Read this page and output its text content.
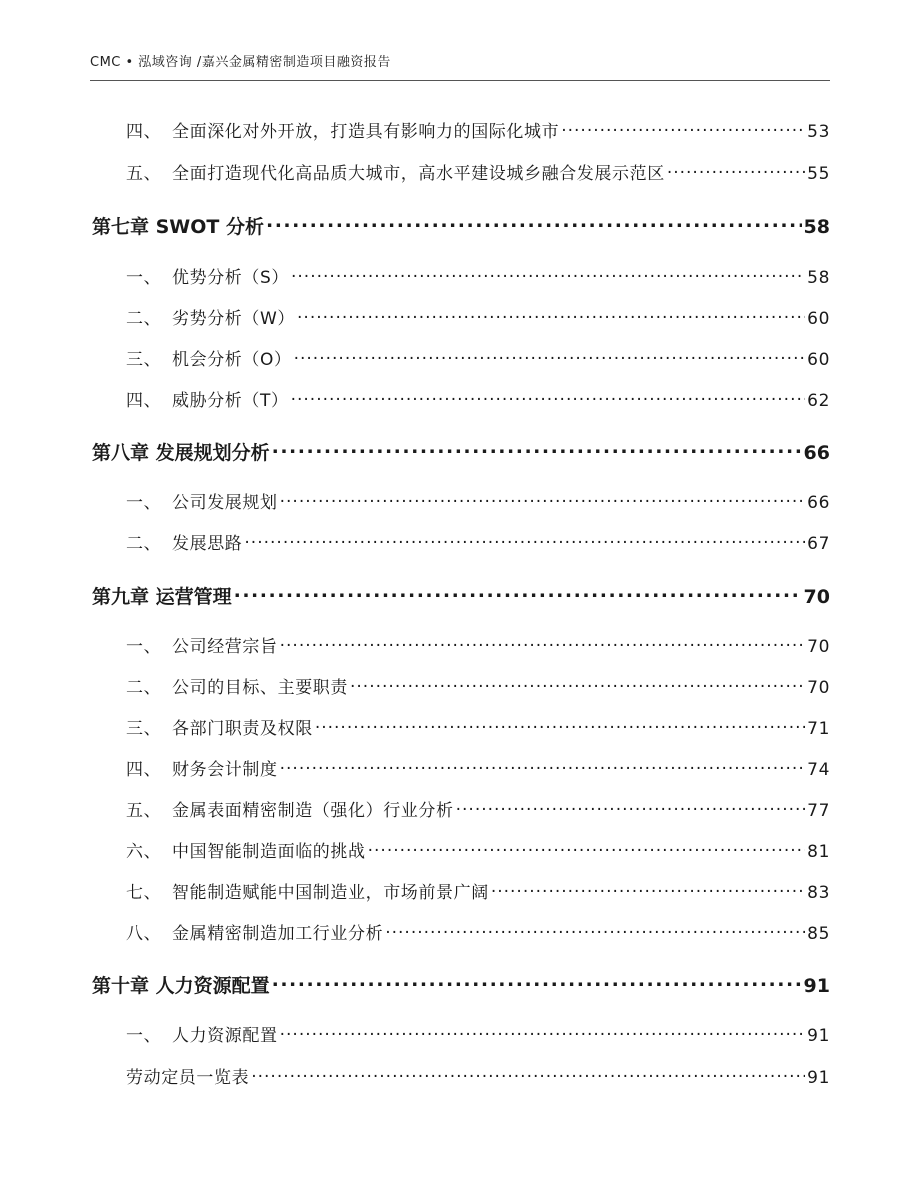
CMC • 泓域咨询 /嘉兴金属精密制造项目融资报告
四、 全面深化对外开放，打造具有影响力的国际化城市 .....	53
五、 全面打造现代化高品质大城市，高水平建设城乡融合发展示范区 .....	55
第七章 SWOT 分析 .....	58
一、 优势分析（S） .....	58
二、 劣势分析（W） .....	60
三、 机会分析（O） .....	60
四、 威胁分析（T） .....	62
第八章 发展规划分析 .....	66
一、 公司发展规划 .....	66
二、 发展思路 .....	67
第九章 运营管理 .....	70
一、 公司经营宗旨 .....	70
二、 公司的目标、主要职责 .....	70
三、 各部门职责及权限 .....	71
四、 财务会计制度 .....	74
五、 金属表面精密制造（强化）行业分析 .....	77
六、 中国智能制造面临的挑战 .....	81
七、 智能制造赋能中国制造业，市场前景广阔 .....	83
八、 金属精密制造加工行业分析 .....	85
第十章 人力资源配置 .....	91
一、 人力资源配置 .....	91
劳动定员一览表 .....	91
